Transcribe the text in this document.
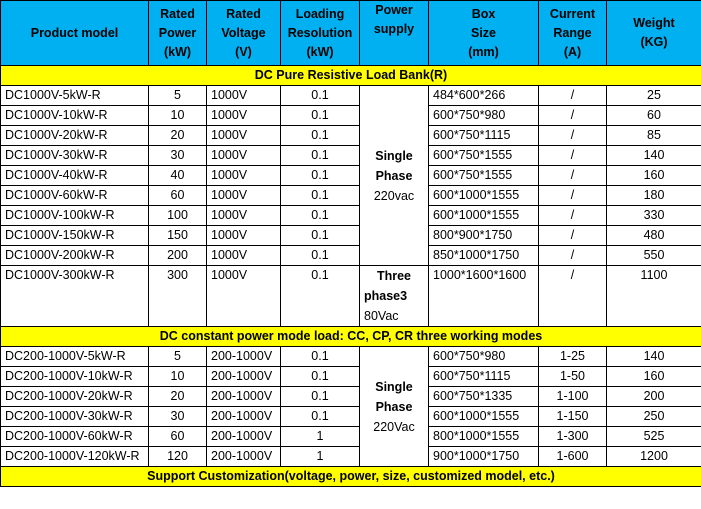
Product model	Rated
Power
(kW)	Rated
Voltage
(V)	Loading
Resolution
(kW)	Power
supply	Box
Size
(mm)	Current
Range
(A)	Weight
(KG)

DC Pure Resistive Load Bank(R)							
DC1000V-5kW-R	5	1000V	0.1	Single
Phase
220vac	484*600*266	/	25
DC1000V-10kW-R	10	1000V	0.1		600*750*980	/	60
DC1000V-20kW-R	20	1000V	0.1		600*750*1115	/	85
DC1000V-30kW-R	30	1000V	0.1		600*750*1555	/	140
DC1000V-40kW-R	40	1000V	0.1		600*750*1555	/	160
DC1000V-60kW-R	60	1000V	0.1		600*1000*1555	/	180
DC1000V-100kW-R	100	1000V	0.1		600*1000*1555	/	330
DC1000V-150kW-R	150	1000V	0.1		800*900*1750	/	480
DC1000V-200kW-R	200	1000V	0.1		850*1000*1750	/	550
DC1000V-300kW-R	300	1000V	0.1	Three
phase3
80Vac	1000*1600*1600	/	1100
DC constant power mode load: CC, CP, CR three working modes							
DC200-1000V-5kW-R	5	200-1000V	0.1	Single
Phase
220Vac	600*750*980	1-25	140
DC200-1000V-10kW-R	10	200-1000V	0.1		600*750*1115	1-50	160
DC200-1000V-20kW-R	20	200-1000V	0.1		600*750*1335	1-100	200
DC200-1000V-30kW-R	30	200-1000V	0.1		600*1000*1555	1-150	250
DC200-1000V-60kW-R	60	200-1000V	1		800*1000*1555	1-300	525
DC200-1000V-120kW-R	120	200-1000V	1		900*1000*1750	1-600	1200
Support Customization(voltage, power, size, customized model, etc.)							
